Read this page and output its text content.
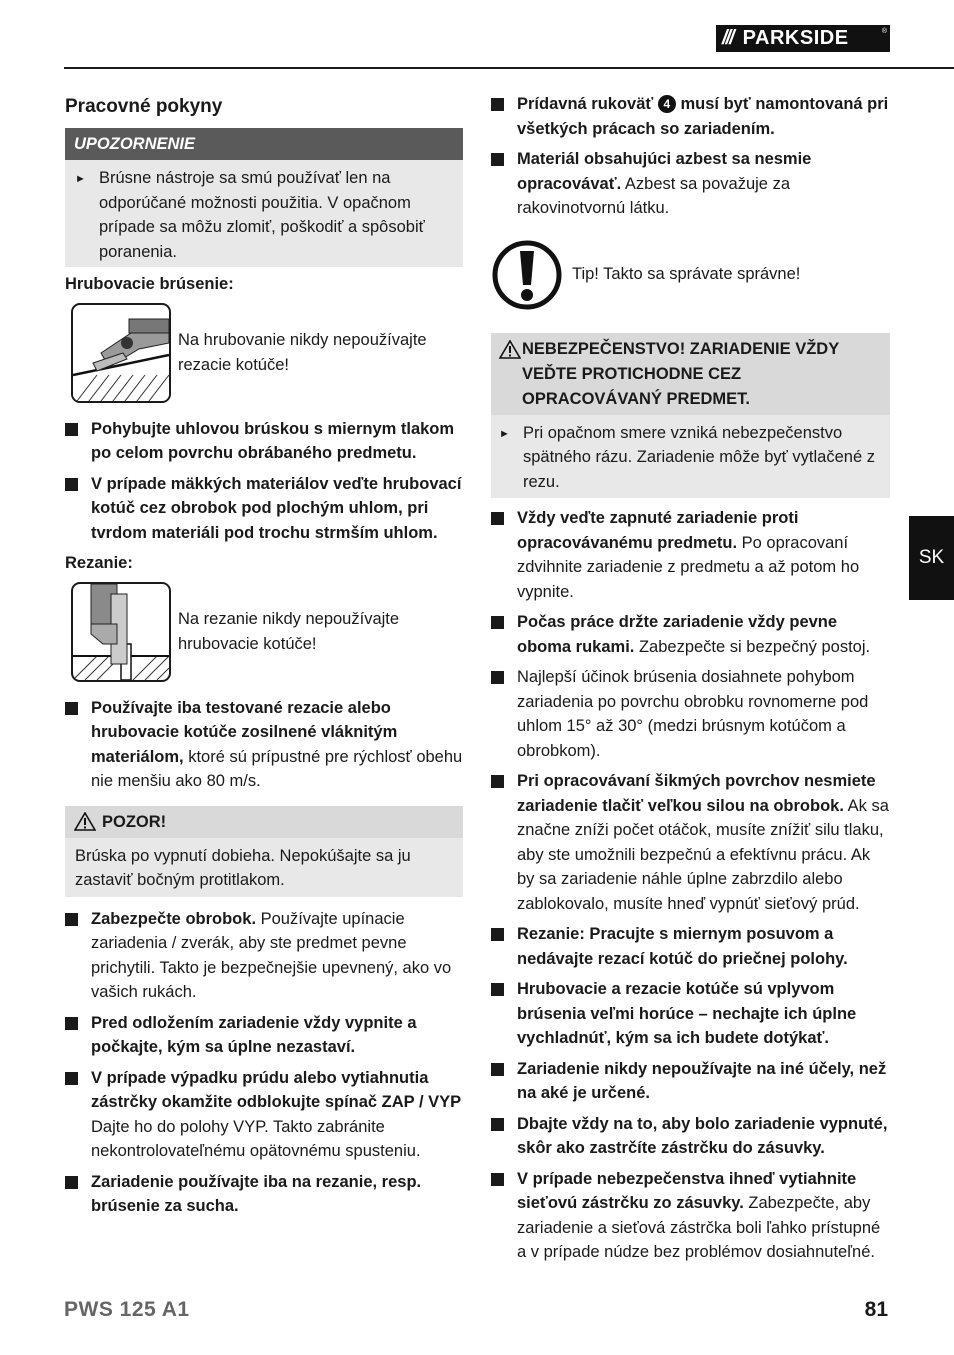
/// PARKSIDE	®
Pracovné pokyny
UPOZORNENIE
► Brúsne nástroje sa smú používať len na odporúčané možnosti použitia. V opačnom prípade sa môžu zlomiť, poškodiť a spôsobiť poranenia.
Hrubovacie brúsenie:
Na hrubovanie nikdy nepoužívajte rezacie kotúče!
Pohybujte uhlovou brúskou s miernym tlakom po celom povrchu obrábaného predmetu.
V prípade mäkkých materiálov veďte hrubovací kotúč cez obrobok pod plochým uhlom, pri tvrdom materiáli pod trochu strmším uhlom.
Rezanie:
Na rezanie nikdy nepoužívajte hrubovacie kotúče!
Používajte iba testované rezacie alebo hrubovacie kotúče zosilnené vláknitým materiálom, ktoré sú prípustné pre rýchlosť obehu nie menšiu ako 80 m/s.
POZOR!
Brúska po vypnutí dobieha. Nepokúšajte sa ju zastaviť bočným protitlakom.
Zabezpečte obrobok. Používajte upínacie zariadenia / zverák, aby ste predmet pevne prichytili. Takto je bezpečnejšie upevnený, ako vo vašich rukách.
Pred odložením zariadenie vždy vypnite a počkajte, kým sa úplne nezastaví.
V prípade výpadku prúdu alebo vytiahnutia zástrčky okamžite odblokujte spínač ZAP / VYP Dajte ho do polohy VYP. Takto zabránite nekontrolovateľnému opätovnému spusteniu.
Zariadenie používajte iba na rezanie, resp. brúsenie za sucha.
Prídavná rukoväť 4 musí byť namontovaná pri všetkých prácach so zariadením.
Materiál obsahujúci azbest sa nesmie opracovávať. Azbest sa považuje za rakovinotvornú látku.
Tip! Takto sa správate správne!
NEBEZPEČENSTVO! ZARIADENIE VŽDY VEĎTE PROTICHODNE CEZ OPRACOVÁVANÝ PREDMET.
► Pri opačnom smere vzniká nebezpečenstvo spätného rázu. Zariadenie môže byť vytlačené z rezu.
Vždy veďte zapnuté zariadenie proti opracovávanému predmetu. Po opracovaní zdvihnite zariadenie z predmetu a až potom ho vypnite.
Počas práce držte zariadenie vždy pevne oboma rukami. Zabezpečte si bezpečný postoj.
Najlepší účinok brúsenia dosiahnete pohybom zariadenia po povrchu obrobku rovnomerne pod uhlom 15° až 30° (medzi brúsnym kotúčom a obrobkom).
Pri opracovávaní šikmých povrchov nesmiete zariadenie tlačiť veľkou silou na obrobok. Ak sa značne zníži počet otáčok, musíte znížiť silu tlaku, aby ste umožnili bezpečnú a efektívnu prácu. Ak by sa zariadenie náhle úplne zabrzdilo alebo zablokovalo, musíte hneď vypnúť sieťový prúd.
Rezanie: Pracujte s miernym posuvom a nedávajte rezací kotúč do priečnej polohy.
Hrubovacie a rezacie kotúče sú vplyvom brúsenia veľmi horúce – nechajte ich úplne vychladnúť, kým sa ich budete dotýkať.
Zariadenie nikdy nepoužívajte na iné účely, než na aké je určené.
Dbajte vždy na to, aby bolo zariadenie vypnuté, skôr ako zastrčíte zástrčku do zásuvky.
V prípade nebezpečenstva ihneď vytiahnite sieťovú zástrčku zo zásuvky. Zabezpečte, aby zariadenie a sieťová zástrčka boli ľahko prístupné a v prípade núdze bez problémov dosiahnuteľné.
SK
PWS 125 A1	81
